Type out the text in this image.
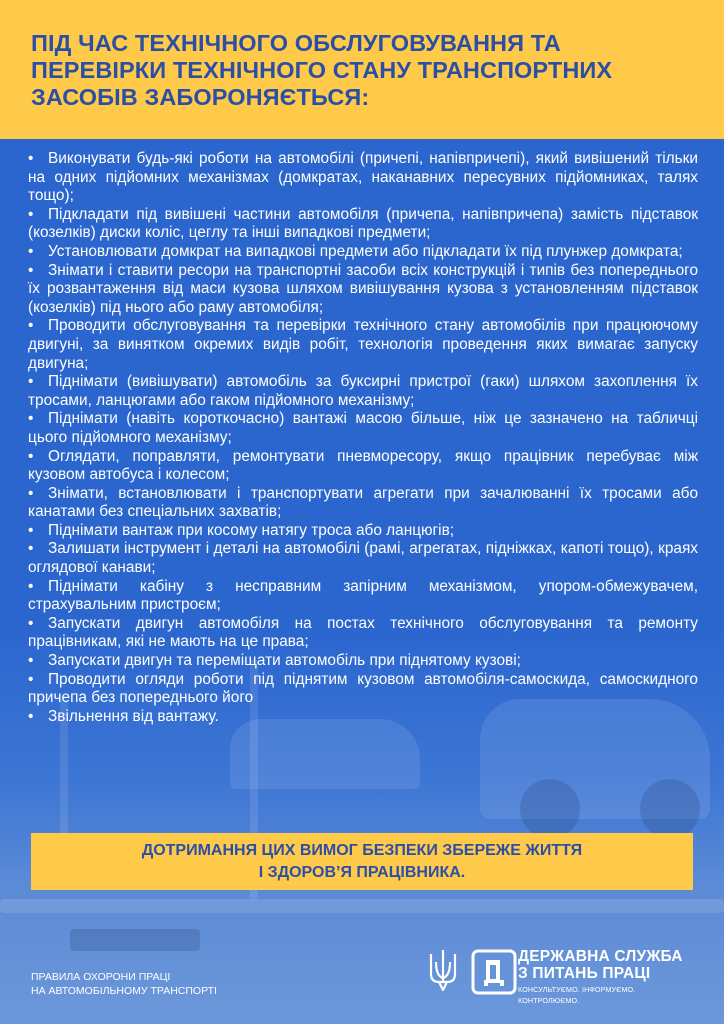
ПІД ЧАС ТЕХНІЧНОГО ОБСЛУГОВУВАННЯ ТА
ПЕРЕВІРКИ ТЕХНІЧНОГО СТАНУ ТРАНСПОРТНИХ
ЗАСОБІВ ЗАБОРОНЯЄТЬСЯ:
• Виконувати будь-які роботи на автомобілі (причепі, напівпричепі), який вивішений тільки на одних підйомних механізмах (домкратах, наканавних пересувних підйомниках, талях тощо);
• Підкладати під вивішені частини автомобіля (причепа, напівпричепа) замість підставок (козелків) диски коліс, цеглу та інші випадкові предмети;
• Установлювати домкрат на випадкові предмети або підкладати їх під плунжер домкрата;
• Знімати і ставити ресори на транспортні засоби всіх конструкцій і типів без попереднього їх розвантаження від маси кузова шляхом вивішування кузова з установленням підставок (козелків) під нього або раму автомобіля;
• Проводити обслуговування та перевірки технічного стану автомобілів при працюючому двигуні, за винятком окремих видів робіт, технологія проведення яких вимагає запуску двигуна;
• Піднімати (вивішувати) автомобіль за буксирні пристрої (гаки) шляхом захоплення їх тросами, ланцюгами або гаком підйомного механізму;
• Піднімати (навіть короткочасно) вантажі масою більше, ніж це зазначено на табличці цього підйомного механізму;
• Оглядати, поправляти, ремонтувати пневморесору, якщо працівник перебуває між кузовом автобуса і колесом;
• Знімати, встановлювати і транспортувати агрегати при зачалюванні їх тросами або канатами без спеціальних захватів;
• Піднімати вантаж при косому натягу троса або ланцюгів;
• Залишати інструмент і деталі на автомобілі (рамі, агрегатах, підніжках, капоті тощо), краях оглядової канави;
• Піднімати кабіну з несправним запірним механізмом, упором-обмежувачем, страхувальним пристроєм;
• Запускати двигун автомобіля на постах технічного обслуговування та ремонту працівникам, які не мають на це права;
• Запускати двигун та переміщати автомобіль при піднятому кузові;
• Проводити огляди роботи під піднятим кузовом автомобіля-самоскида, самоскидного причепа без попереднього його
• Звільнення від вантажу.
ДОТРИМАННЯ ЦИХ ВИМОГ БЕЗПЕКИ ЗБЕРЕЖЕ ЖИТТЯ
І ЗДОРОВ’Я ПРАЦІВНИКА.
ПРАВИЛА ОХОРОНИ ПРАЦІ
НА АВТОМОБІЛЬНОМУ ТРАНСПОРТІ
ДЕРЖАВНА СЛУЖБА
З ПИТАНЬ ПРАЦІ
КОНСУЛЬТУЄМО. ІНФОРМУЄМО. КОНТРОЛЮЄМО.
